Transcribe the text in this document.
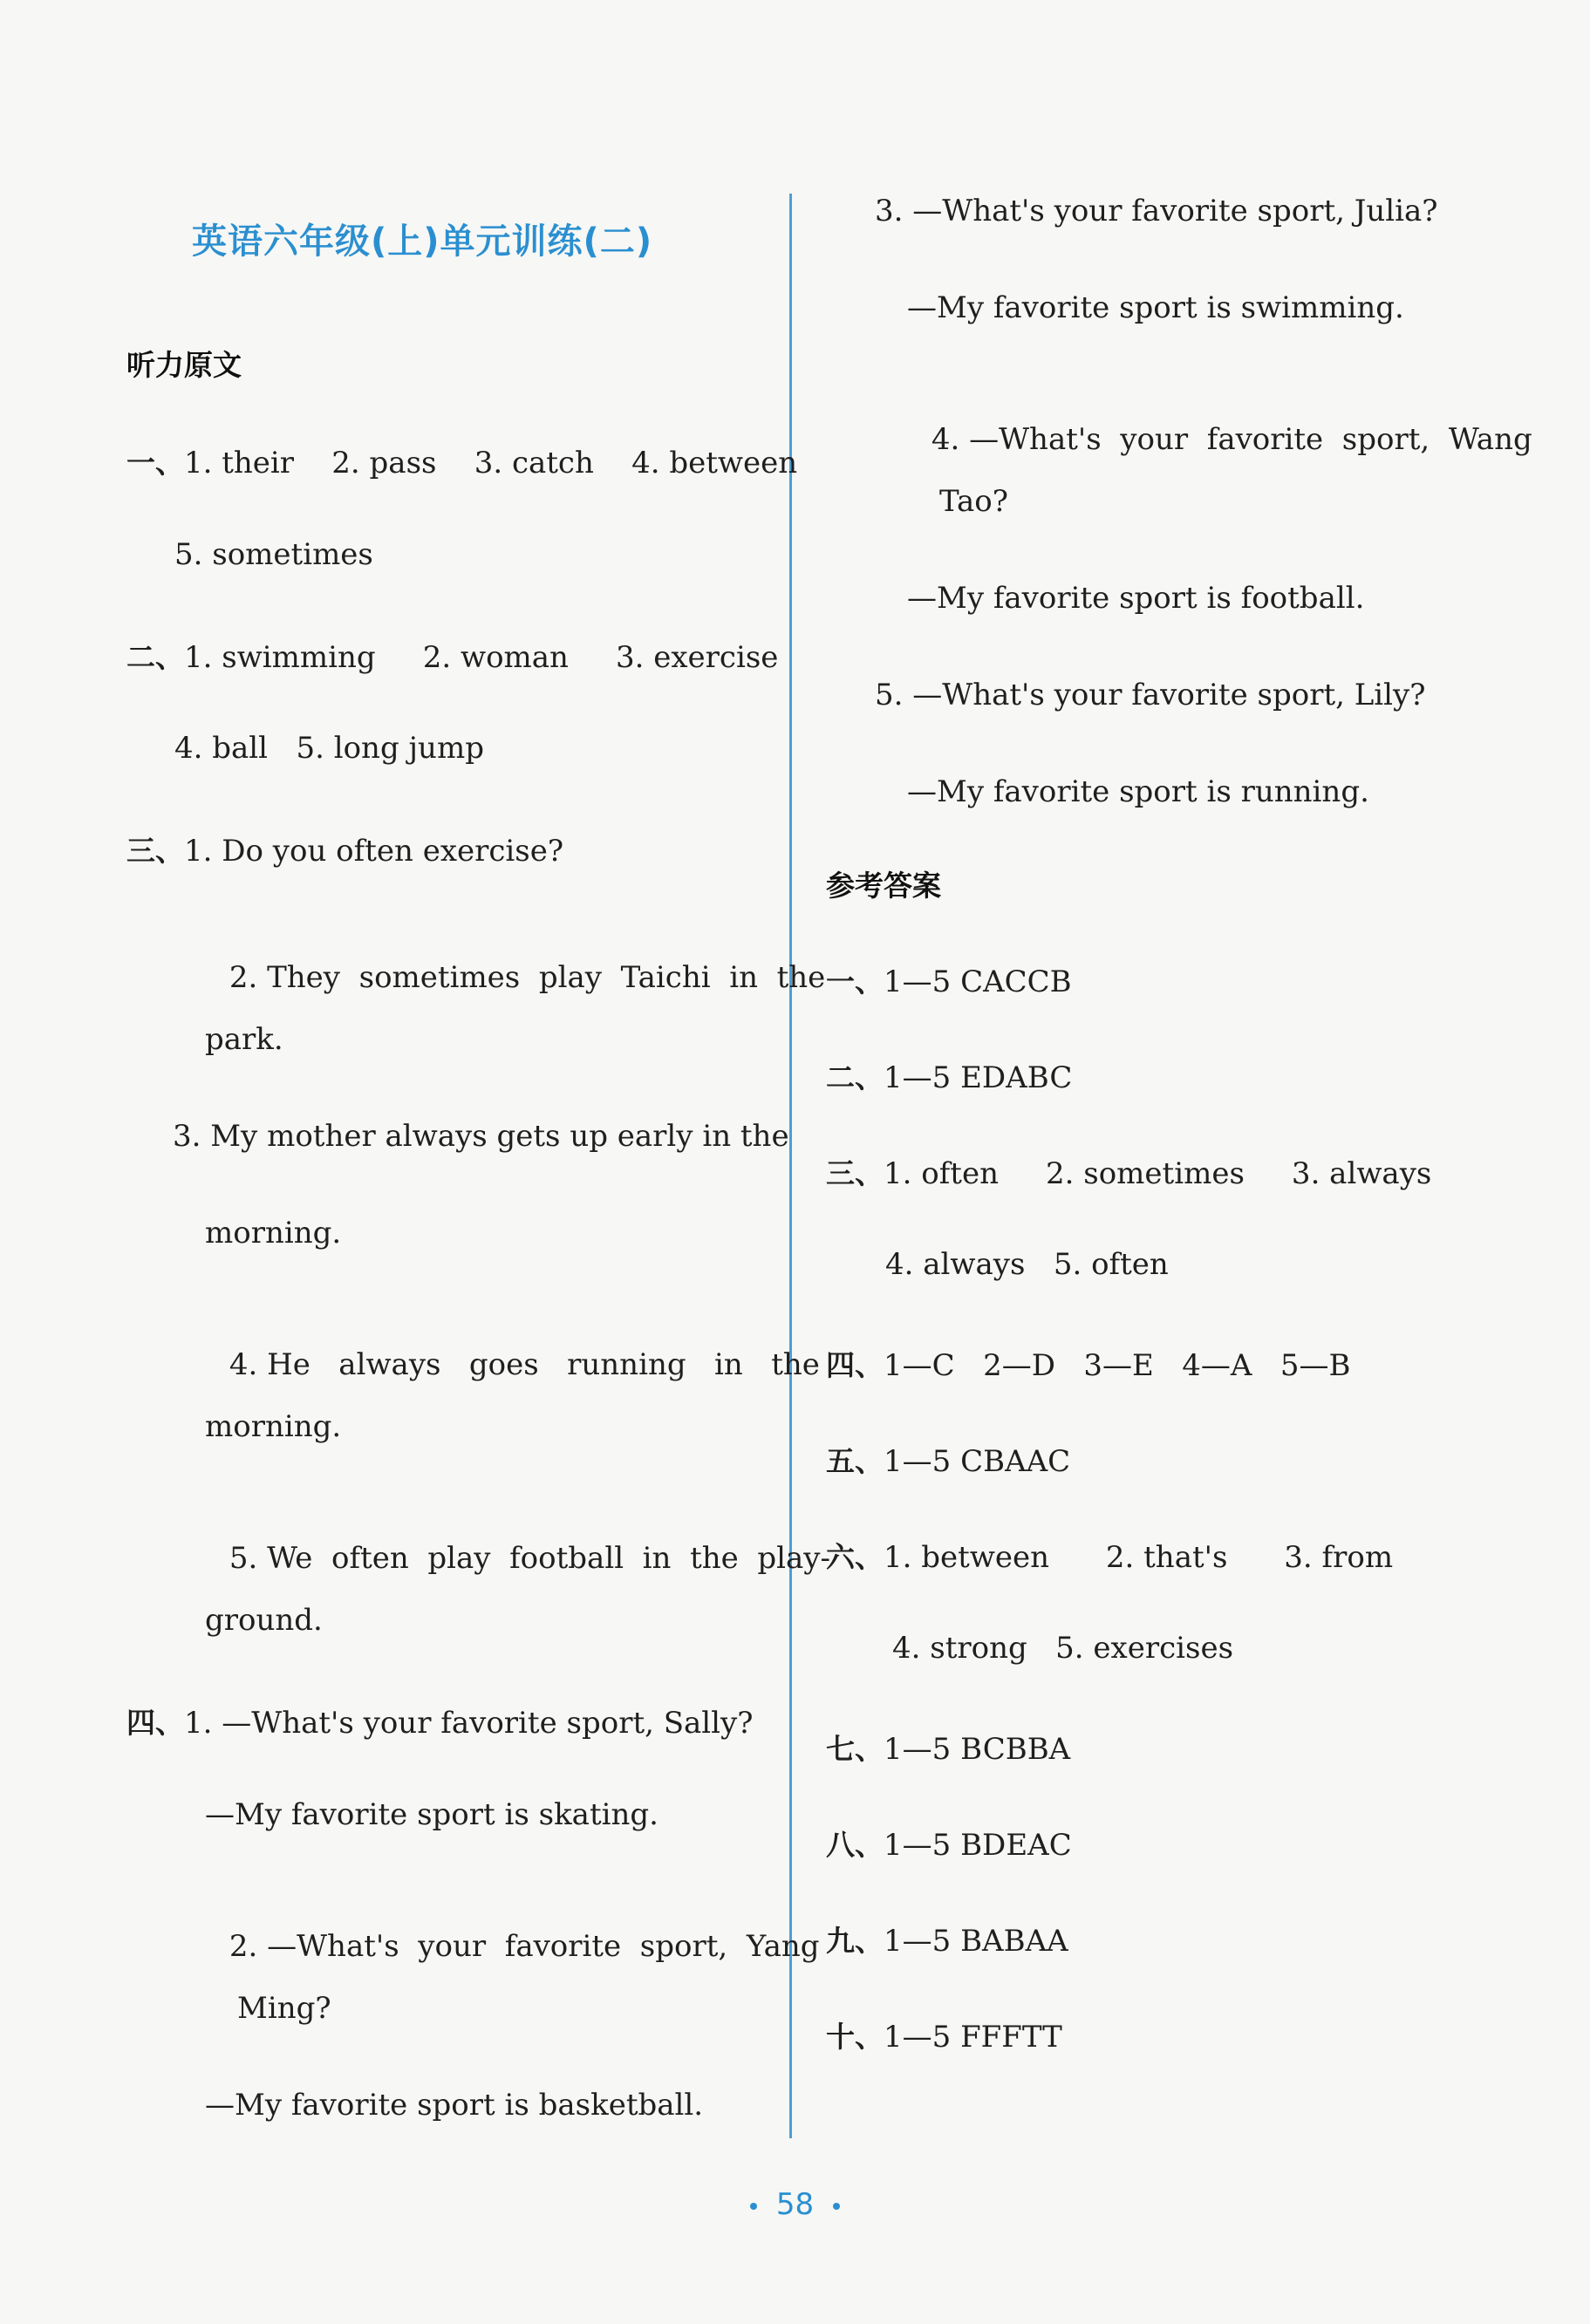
英语六年级(上)单元训练(二)
听力原文
一、1. their    2. pass    3. catch    4. between
5. sometimes
二、1. swimming     2. woman     3. exercise
4. ball   5. long jump
三、1. Do you often exercise?

2. They  sometimes  play  Taichi  in  the

park.
3. My mother always gets up early in the
morning.

4. He   always   goes   running   in   the

morning.

5. We  often  play  football  in  the  play-

ground.
四、1. —What's your favorite sport, Sally?
—My favorite sport is skating.

2. —What's  your  favorite  sport,  Yang

Ming?
—My favorite sport is basketball.
3. —What's your favorite sport, Julia?
—My favorite sport is swimming.

4. —What's  your  favorite  sport,  Wang

Tao?
—My favorite sport is football.
5. —What's your favorite sport, Lily?
—My favorite sport is running.
参考答案
一、1—5 CACCB
二、1—5 EDABC
三、1. often     2. sometimes     3. always
4. always   5. often
四、1—C   2—D   3—E   4—A   5—B
五、1—5 CBAAC
六、1. between      2. that's      3. from
4. strong   5. exercises
七、1—5 BCBBA
八、1—5 BDEAC
九、1—5 BABAA
十、1—5 FFFTT
58
